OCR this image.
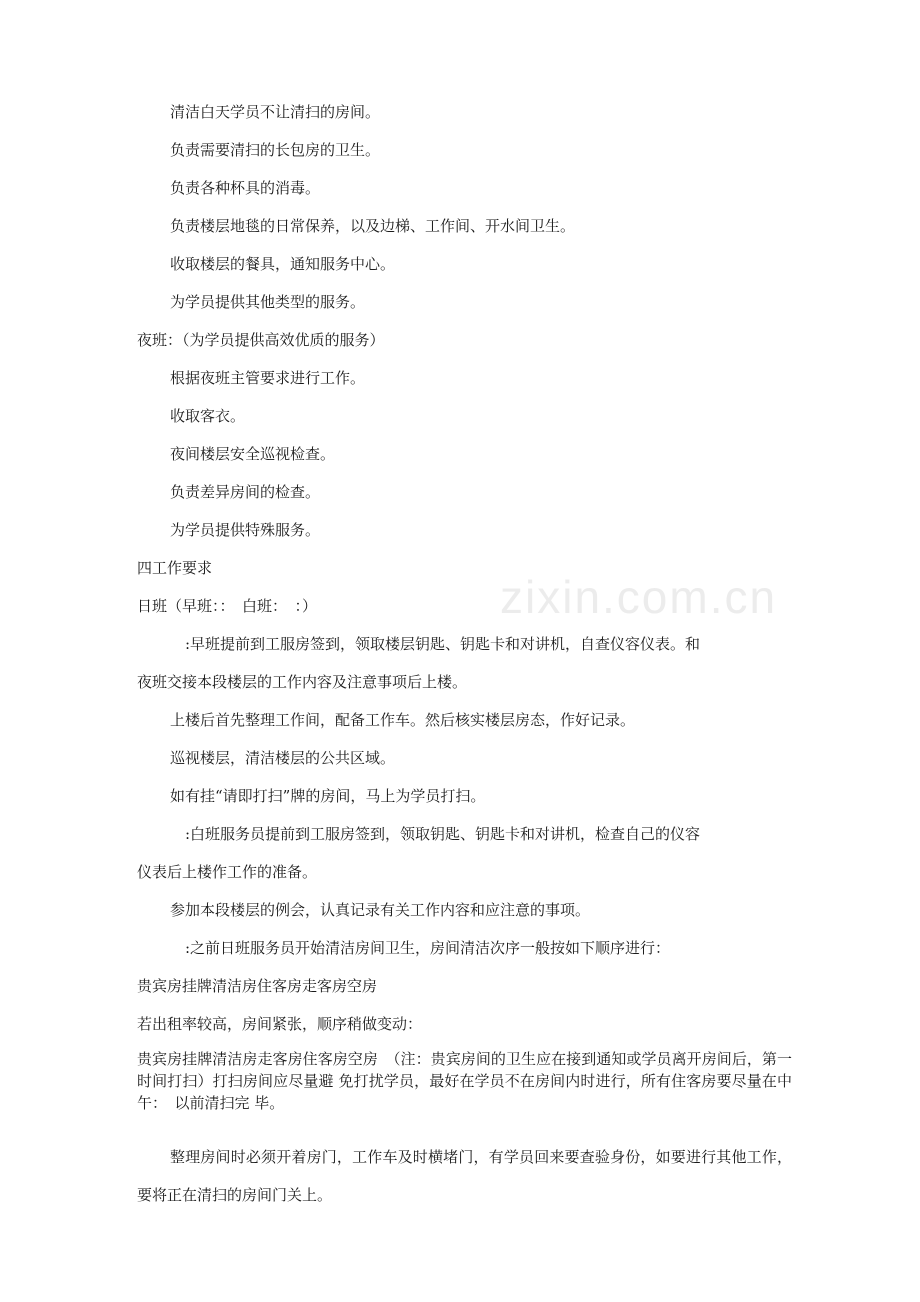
zixin.com.cn
清洁白天学员不让清扫的房间。
负责需要清扫的长包房的卫生。
负责各种杯具的消毒。
负责楼层地毯的日常保养，以及边梯、工作间、开水间卫生。
收取楼层的餐具，通知服务中心。
为学员提供其他类型的服务。
夜班：（为学员提供高效优质的服务）
根据夜班主管要求进行工作。
收取客衣。
夜间楼层安全巡视检查。
负责差异房间的检查。
为学员提供特殊服务。
四工作要求
日班（早班：：　白班：　：）
:早班提前到工服房签到，领取楼层钥匙、钥匙卡和对讲机，自查仪容仪表。和
夜班交接本段楼层的工作内容及注意事项后上楼。
上楼后首先整理工作间，配备工作车。然后核实楼层房态，作好记录。
巡视楼层，清洁楼层的公共区域。
如有挂“请即打扫”牌的房间，马上为学员打扫。
:白班服务员提前到工服房签到，领取钥匙、钥匙卡和对讲机，检查自己的仪容
仪表后上楼作工作的准备。
参加本段楼层的例会，认真记录有关工作内容和应注意的事项。
:之前日班服务员开始清洁房间卫生，房间清洁次序一般按如下顺序进行：
贵宾房挂牌清洁房住客房走客房空房
若出租率较高，房间紧张，顺序稍做变动：
贵宾房挂牌清洁房走客房住客房空房　（注：贵宾房间的卫生应在接到通知或学员离开房间后，第一时间打扫）打扫房间应尽量避 免打扰学员，最好在学员不在房间内时进行，所有住客房要尽量在中午：　以前清扫完 毕。
整理房间时必须开着房门，工作车及时横堵门，有学员回来要查验身份，如要进行其他工作，要将正在清扫的房间门关上。
